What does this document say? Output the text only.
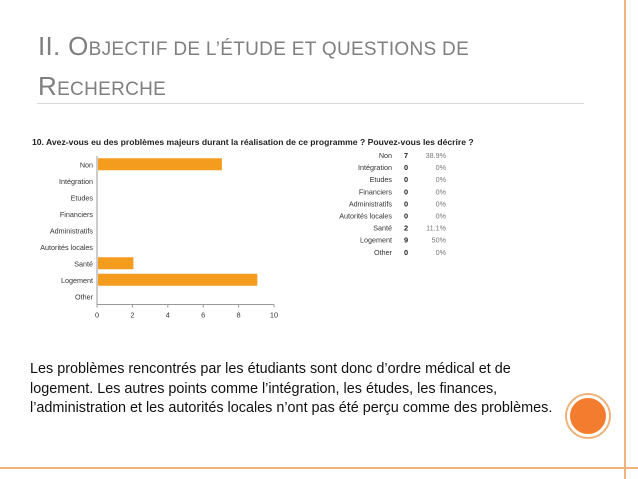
II. OBJECTIF DE L’ÉTUDE ET QUESTIONS DE
RECHERCHE
10. Avez-vous eu des problèmes majeurs durant la réalisation de ce programme ? Pouvez-vous les décrire ?
Non
Intégration
Etudes
Financiers
Administratifs
Autorités locales
Santé
Logement
Other
0	2	4	6	8	10
Non 7 38.9%
Intégration 0	0%
Etudes 0	0%
Financiers 0	0%
Administratifs 0	0%
Autorités locales 0	0%
Santé 2	11.1%
Logement 9	50%
Other 0	0%
Les problèmes rencontrés par les étudiants sont donc d’ordre médical et de logement. Les autres points comme l’intégration, les études, les finances, l’administration et les autorités locales n’ont pas été perçu comme des problèmes.
